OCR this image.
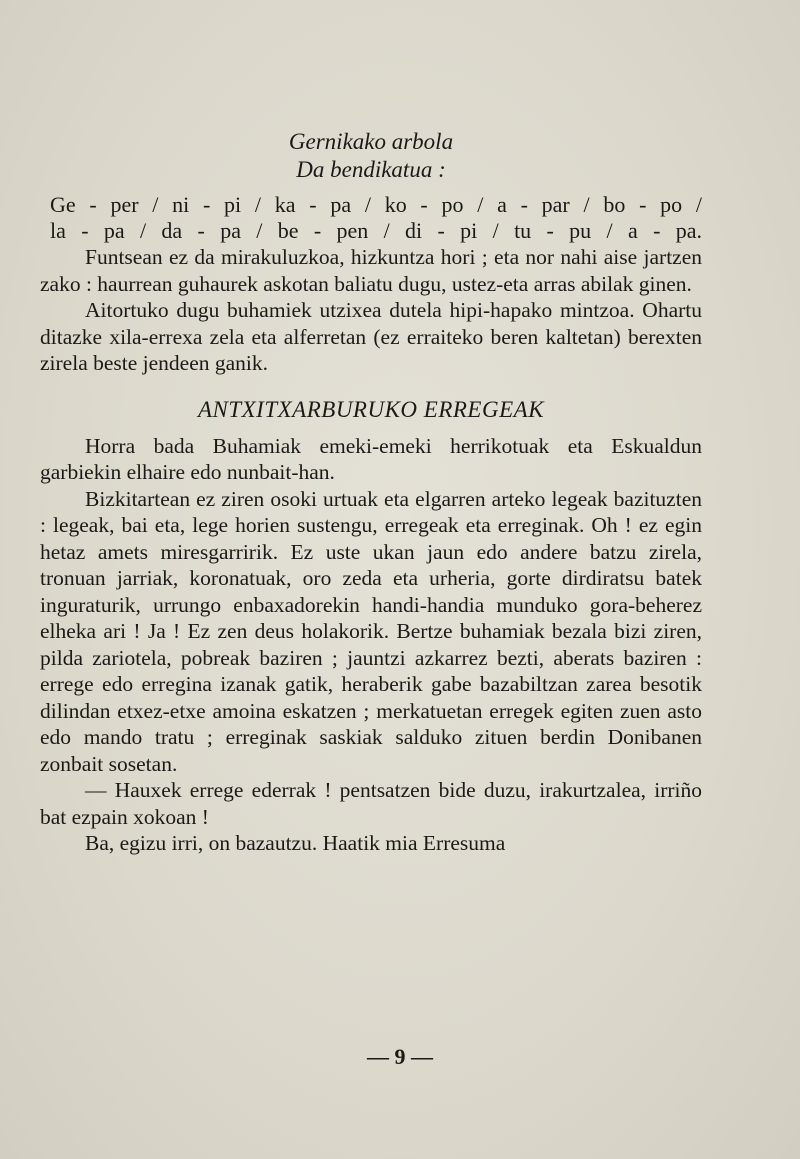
Gernikako arbola
Da bendikatua :
Ge - per / ni - pi / ka - pa / ko - po / a - par / bo - po /
la - pa / da - pa / be - pen / di - pi / tu - pu / a - pa.

Funtsean ez da mirakuluzkoa, hizkuntza hori ; eta nor nahi aise jartzen zako : haurrean guhaurek askotan baliatu dugu, ustez-eta arras abilak ginen.

Aitortuko dugu buhamiek utzixea dutela hipi-hapako mintzoa. Ohartu ditazke xila-errexa zela eta alferretan (ez erraiteko beren kaltetan) berexten zirela beste jendeen ganik.

ANTXITXARBURUKO ERREGEAK

Horra bada Buhamiak emeki-emeki herrikotuak eta Eskualdun garbiekin elhaire edo nunbait-han.

Bizkitartean ez ziren osoki urtuak eta elgarren arteko legeak bazituzten : legeak, bai eta, lege horien sustengu, erregeak eta erreginak. Oh ! ez egin hetaz amets miresgarririk. Ez uste ukan jaun edo andere batzu zirela, tronuan jarriak, koronatuak, oro zeda eta urheria, gorte dirdiratsu batek inguraturik, urrungo enbaxadorekin handi-handia munduko gora-beherez elheka ari ! Ja ! Ez zen deus holakorik. Bertze buhamiak bezala bizi ziren, pilda zariotela, pobreak baziren ; jauntzi azkarrez bezti, aberats baziren : errege edo erregina izanak gatik, heraberik gabe bazabiltzan zarea besotik dilindan etxez-etxe amoina eskatzen ; merkatuetan erregek egiten zuen asto edo mando tratu ; erreginak saskiak salduko zituen berdin Donibanen zonbait sosetan.

— Hauxek errege ederrak ! pentsatzen bide duzu, irakurtzalea, irriño bat ezpain xokoan !

Ba, egizu irri, on bazautzu. Haatik mia Erresuma

— 9 —
